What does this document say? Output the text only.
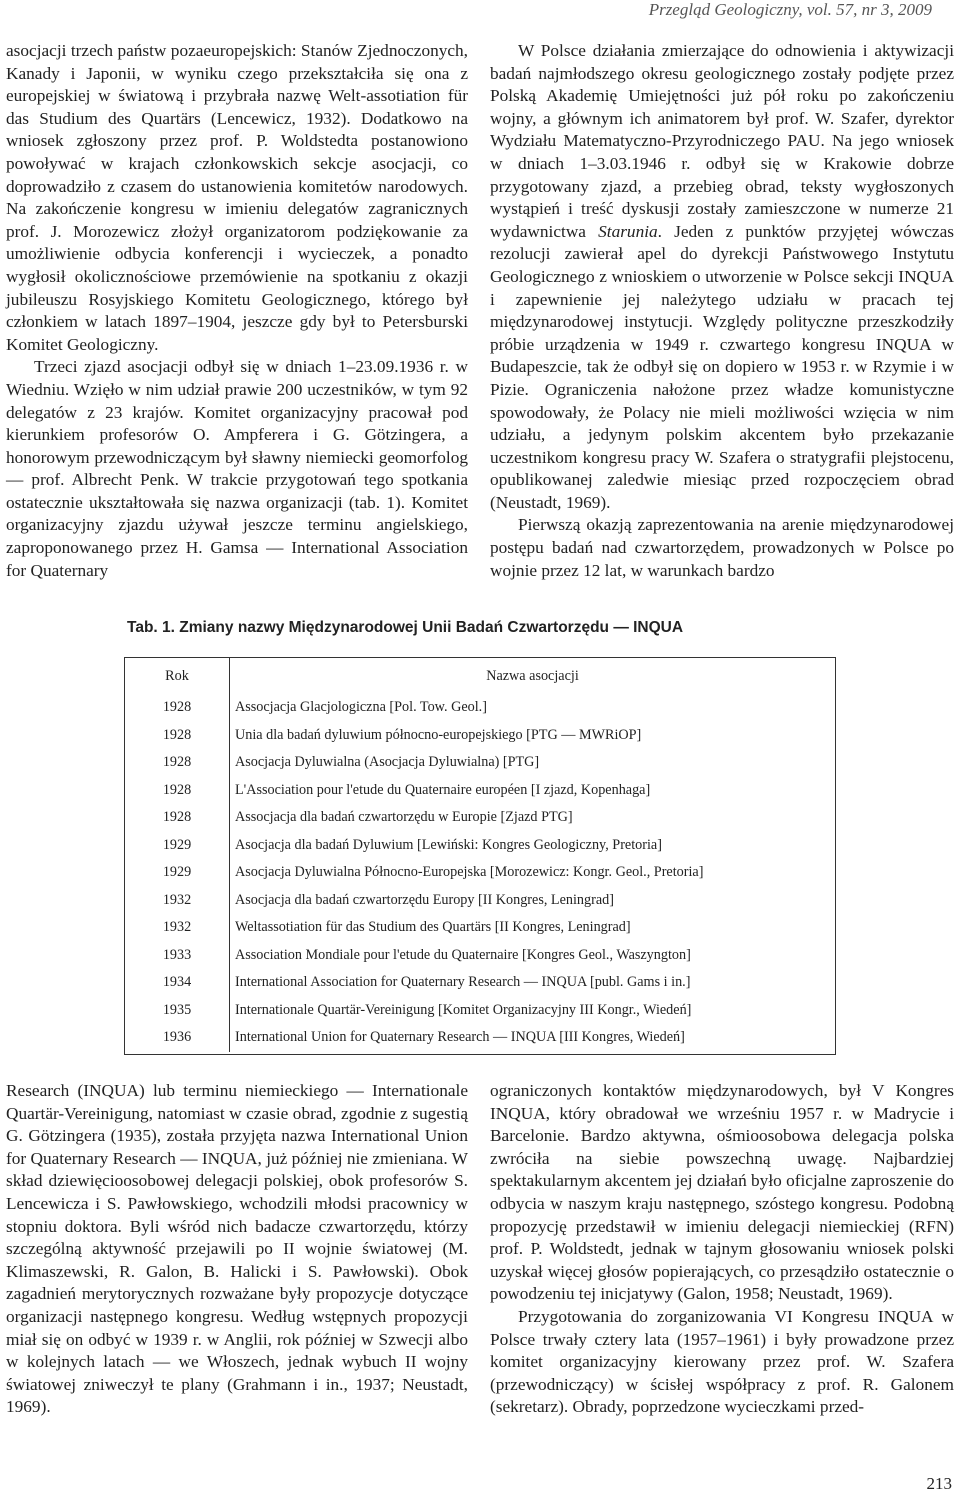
Przegląd Geologiczny, vol. 57, nr 3, 2009

asocjacji trzech państw pozaeuropejskich: Stanów Zjednoczonych, Kanady i Japonii, w wyniku czego przekształciła się ona z europejskiej w światową i przybrała nazwę Welt-assotiation für das Studium des Quartärs (Lencewicz, 1932). Dodatkowo na wniosek zgłoszony przez prof. P. Woldstedta postanowiono powoływać w krajach członkowskich sekcje asocjacji, co doprowadziło z czasem do ustanowienia komitetów narodowych. Na zakończenie kongresu w imieniu delegatów zagranicznych prof. J. Morozewicz złożył organizatorom podziękowanie za umożliwienie odbycia konferencji i wycieczek, a ponadto wygłosił okolicznościowe przemówienie na spotkaniu z okazji jubileuszu Rosyjskiego Komitetu Geologicznego, którego był członkiem w latach 1897–1904, jeszcze gdy był to Petersburski Komitet Geologiczny.

Trzeci zjazd asocjacji odbył się w dniach 1–23.09.1936 r. w Wiedniu. Wzięło w nim udział prawie 200 uczestników, w tym 92 delegatów z 23 krajów. Komitet organizacyjny pracował pod kierunkiem profesorów O. Ampferera i G. Götzingera, a honorowym przewodniczącym był sławny niemiecki geomorfolog — prof. Albrecht Penk. W trakcie przygotowań tego spotkania ostatecznie ukształtowała się nazwa organizacji (tab. 1). Komitet organizacyjny zjazdu używał jeszcze terminu angielskiego, zaproponowanego przez H. Gamsa — International Association for Quaternary

W Polsce działania zmierzające do odnowienia i aktywizacji badań najmłodszego okresu geologicznego zostały podjęte przez Polską Akademię Umiejętności już pół roku po zakończeniu wojny, a głównym ich animatorem był prof. W. Szafer, dyrektor Wydziału Matematyczno-Przyrodniczego PAU. Na jego wniosek w dniach 1–3.03.1946 r. odbył się w Krakowie dobrze przygotowany zjazd, a przebieg obrad, teksty wygłoszonych wystąpień i treść dyskusji zostały zamieszczone w numerze 21 wydawnictwa Starunia. Jeden z punktów przyjętej wówczas rezolucji zawierał apel do dyrekcji Państwowego Instytutu Geologicznego z wnioskiem o utworzenie w Polsce sekcji INQUA i zapewnienie jej należytego udziału w pracach tej międzynarodowej instytucji. Względy polityczne przeszkodziły próbie urządzenia w 1949 r. czwartego kongresu INQUA w Budapeszcie, tak że odbył się on dopiero w 1953 r. w Rzymie i w Pizie. Ograniczenia nałożone przez władze komunistyczne spowodowały, że Polacy nie mieli możliwości wzięcia w nim udziału, a jedynym polskim akcentem było przekazanie uczestnikom kongresu pracy W. Szafera o stratygrafii plejstocenu, opublikowanej zaledwie miesiąc przed rozpoczęciem obrad (Neustadt, 1969).

Pierwszą okazją zaprezentowania na arenie międzynarodowej postępu badań nad czwartorzędem, prowadzonych w Polsce po wojnie przez 12 lat, w warunkach bardzo

Tab. 1. Zmiany nazwy Międzynarodowej Unii Badań Czwartorzędu — INQUA
Rok	Nazwa asocjacji
1928	Assocjacja Glacjologiczna [Pol. Tow. Geol.]
1928	Unia dla badań dyluwium północno-europejskiego [PTG — MWRiOP]
1928	Asocjacja Dyluwialna (Asocjacja Dyluwialna) [PTG]
1928	L'Association pour l'etude du Quaternaire européen [I zjazd, Kopenhaga]
1928	Assocjacja dla badań czwartorzędu w Europie [Zjazd PTG]
1929	Asocjacja dla badań Dyluwium [Lewiński: Kongres Geologiczny, Pretoria]
1929	Asocjacja Dyluwialna Północno-Europejska [Morozewicz: Kongr. Geol., Pretoria]
1932	Asocjacja dla badań czwartorzędu Europy [II Kongres, Leningrad]
1932	Weltassotiation für das Studium des Quartärs [II Kongres, Leningrad]
1933	Association Mondiale pour l'etude du Quaternaire [Kongres Geol., Waszyngton]
1934	International Association for Quaternary Research — INQUA [publ. Gams i in.]
1935	Internationale Quartär-Vereinigung [Komitet Organizacyjny III Kongr., Wiedeń]
1936	International Union for Quaternary Research — INQUA [III Kongres, Wiedeń]

Research (INQUA) lub terminu niemieckiego — Internationale Quartär-Vereinigung, natomiast w czasie obrad, zgodnie z sugestią G. Götzingera (1935), została przyjęta nazwa International Union for Quaternary Research — INQUA, już później nie zmieniana. W skład dziewięcioosobowej delegacji polskiej, obok profesorów S. Lencewicza i S. Pawłowskiego, wchodzili młodsi pracownicy w stopniu doktora. Byli wśród nich badacze czwartorzędu, którzy szczególną aktywność przejawili po II wojnie światowej (M. Klimaszewski, R. Galon, B. Halicki i S. Pawłowski). Obok zagadnień merytorycznych rozważane były propozycje dotyczące organizacji następnego kongresu. Według wstępnych propozycji miał się on odbyć w 1939 r. w Anglii, rok później w Szwecji albo w kolejnych latach — we Włoszech, jednak wybuch II wojny światowej zniweczył te plany (Grahmann i in., 1937; Neustadt, 1969).

ograniczonych kontaktów międzynarodowych, był V Kongres INQUA, który obradował we wrześniu 1957 r. w Madrycie i Barcelonie. Bardzo aktywna, ośmioosobowa delegacja polska zwróciła na siebie powszechną uwagę. Najbardziej spektakularnym akcentem jej działań było oficjalne zaproszenie do odbycia w naszym kraju następnego, szóstego kongresu. Podobną propozycję przedstawił w imieniu delegacji niemieckiej (RFN) prof. P. Woldstedt, jednak w tajnym głosowaniu wniosek polski uzyskał więcej głosów popierających, co przesądziło ostatecznie o powodzeniu tej inicjatywy (Galon, 1958; Neustadt, 1969).

Przygotowania do zorganizowania VI Kongresu INQUA w Polsce trwały cztery lata (1957–1961) i były prowadzone przez komitet organizacyjny kierowany przez prof. W. Szafera (przewodniczący) w ścisłej współpracy z prof. R. Galonem (sekretarz). Obrady, poprzedzone wycieczkami przed-

213
